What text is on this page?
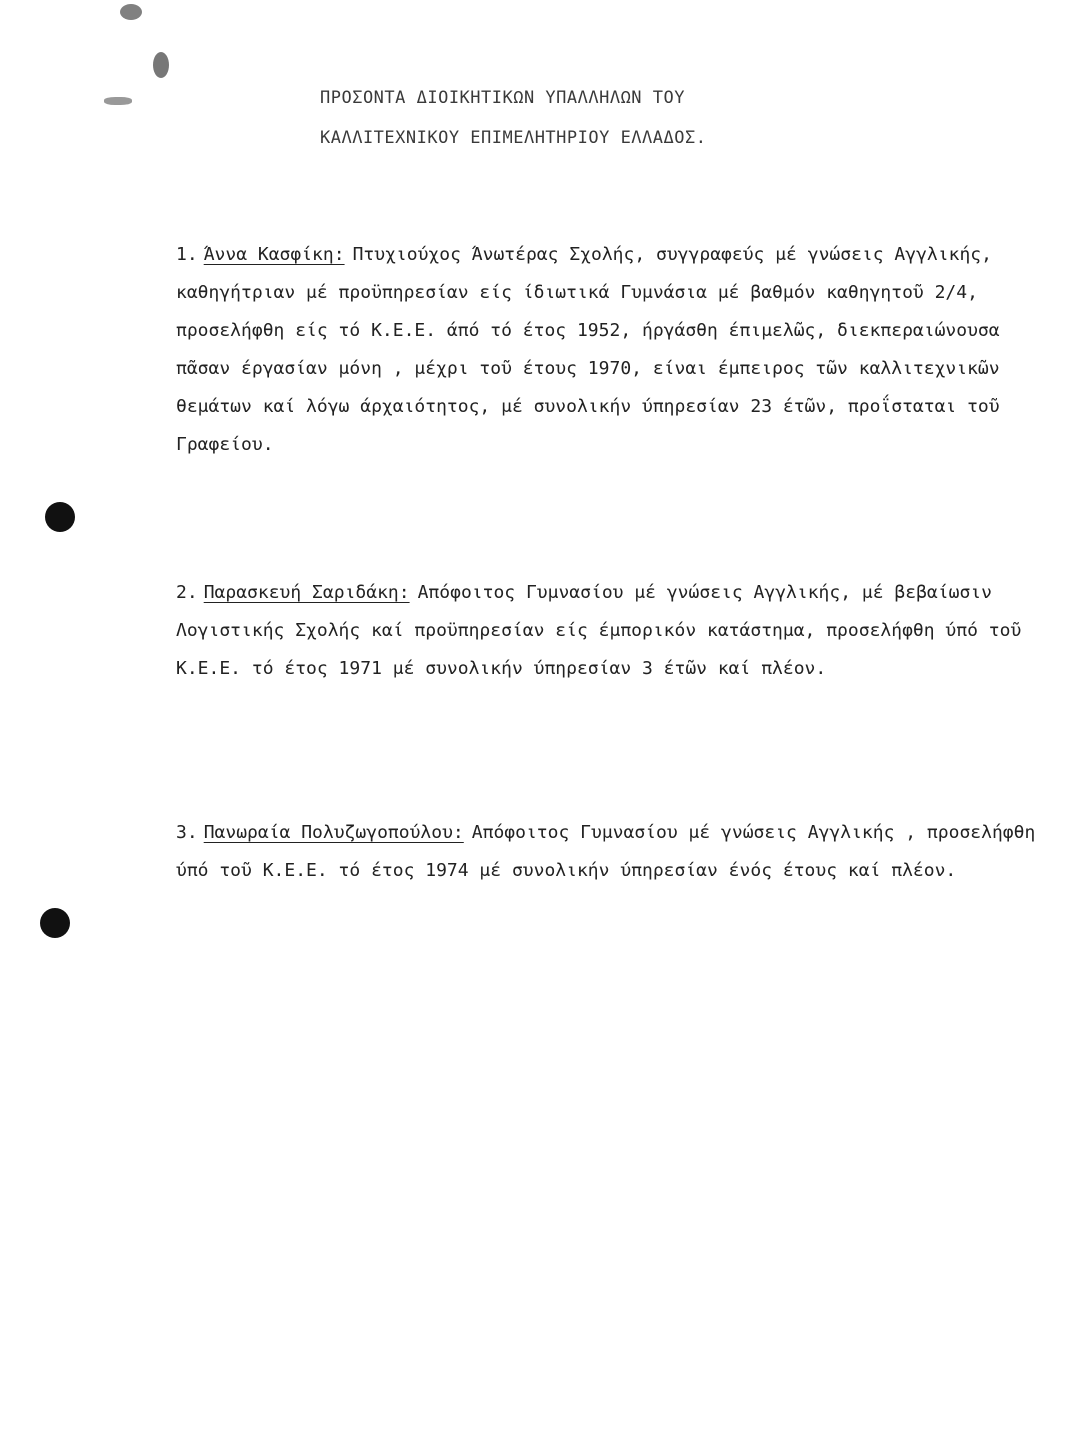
ΠΡΟΣΟΝΤΑ ΔΙΟΙΚΗΤΙΚΩΝ ΥΠΑΛΛΗΛΩΝ ΤΟΥ
ΚΑΛΛΙΤΕΧΝΙΚΟΥ ΕΠΙΜΕΛΗΤΗΡΙΟΥ ΕΛΛΑΔΟΣ.
1. Άννα Κασφίκη: Πτυχιούχος Άνωτέρας Σχολής, συγγραφεύς μέ γνώσεις Αγγλικής, καθηγήτριαν μέ προϋπηρεσίαν είς ίδιωτικά Γυμνάσια μέ βαθμόν καθηγητοῦ 2/4, προσελήφθη είς τό Κ.Ε.Ε. άπό τό έτος 1952, ήργάσθη έπιμελῶς, διεκπεραιώνουσα πᾶσαν έργασίαν μόνη , μέχρι τοῦ έτους 1970, είναι έμπειρος τῶν καλλιτεχνικῶν θεμάτων καί λόγω άρχαιότητος, μέ συνολικήν ύπηρεσίαν 23 έτῶν, προΐσταται τοῦ Γραφείου.
2. Παρασκευή Σαριδάκη: Απόφοιτος Γυμνασίου μέ γνώσεις Αγγλικής, μέ βεβαίωσιν Λογιστικής Σχολής καί προϋπηρεσίαν είς έμπορικόν κατάστημα, προσελήφθη ύπό τοῦ Κ.Ε.Ε. τό έτος 1971 μέ συνολικήν ύπηρεσίαν 3 έτῶν καί πλέον.
3. Πανωραία Πολυζωγοπούλου: Απόφοιτος Γυμνασίου μέ γνώσεις Αγγλικής , προσελήφθη ύπό τοῦ Κ.Ε.Ε. τό έτος 1974 μέ συνολικήν ύπηρεσίαν ένός έτους καί πλέον.
